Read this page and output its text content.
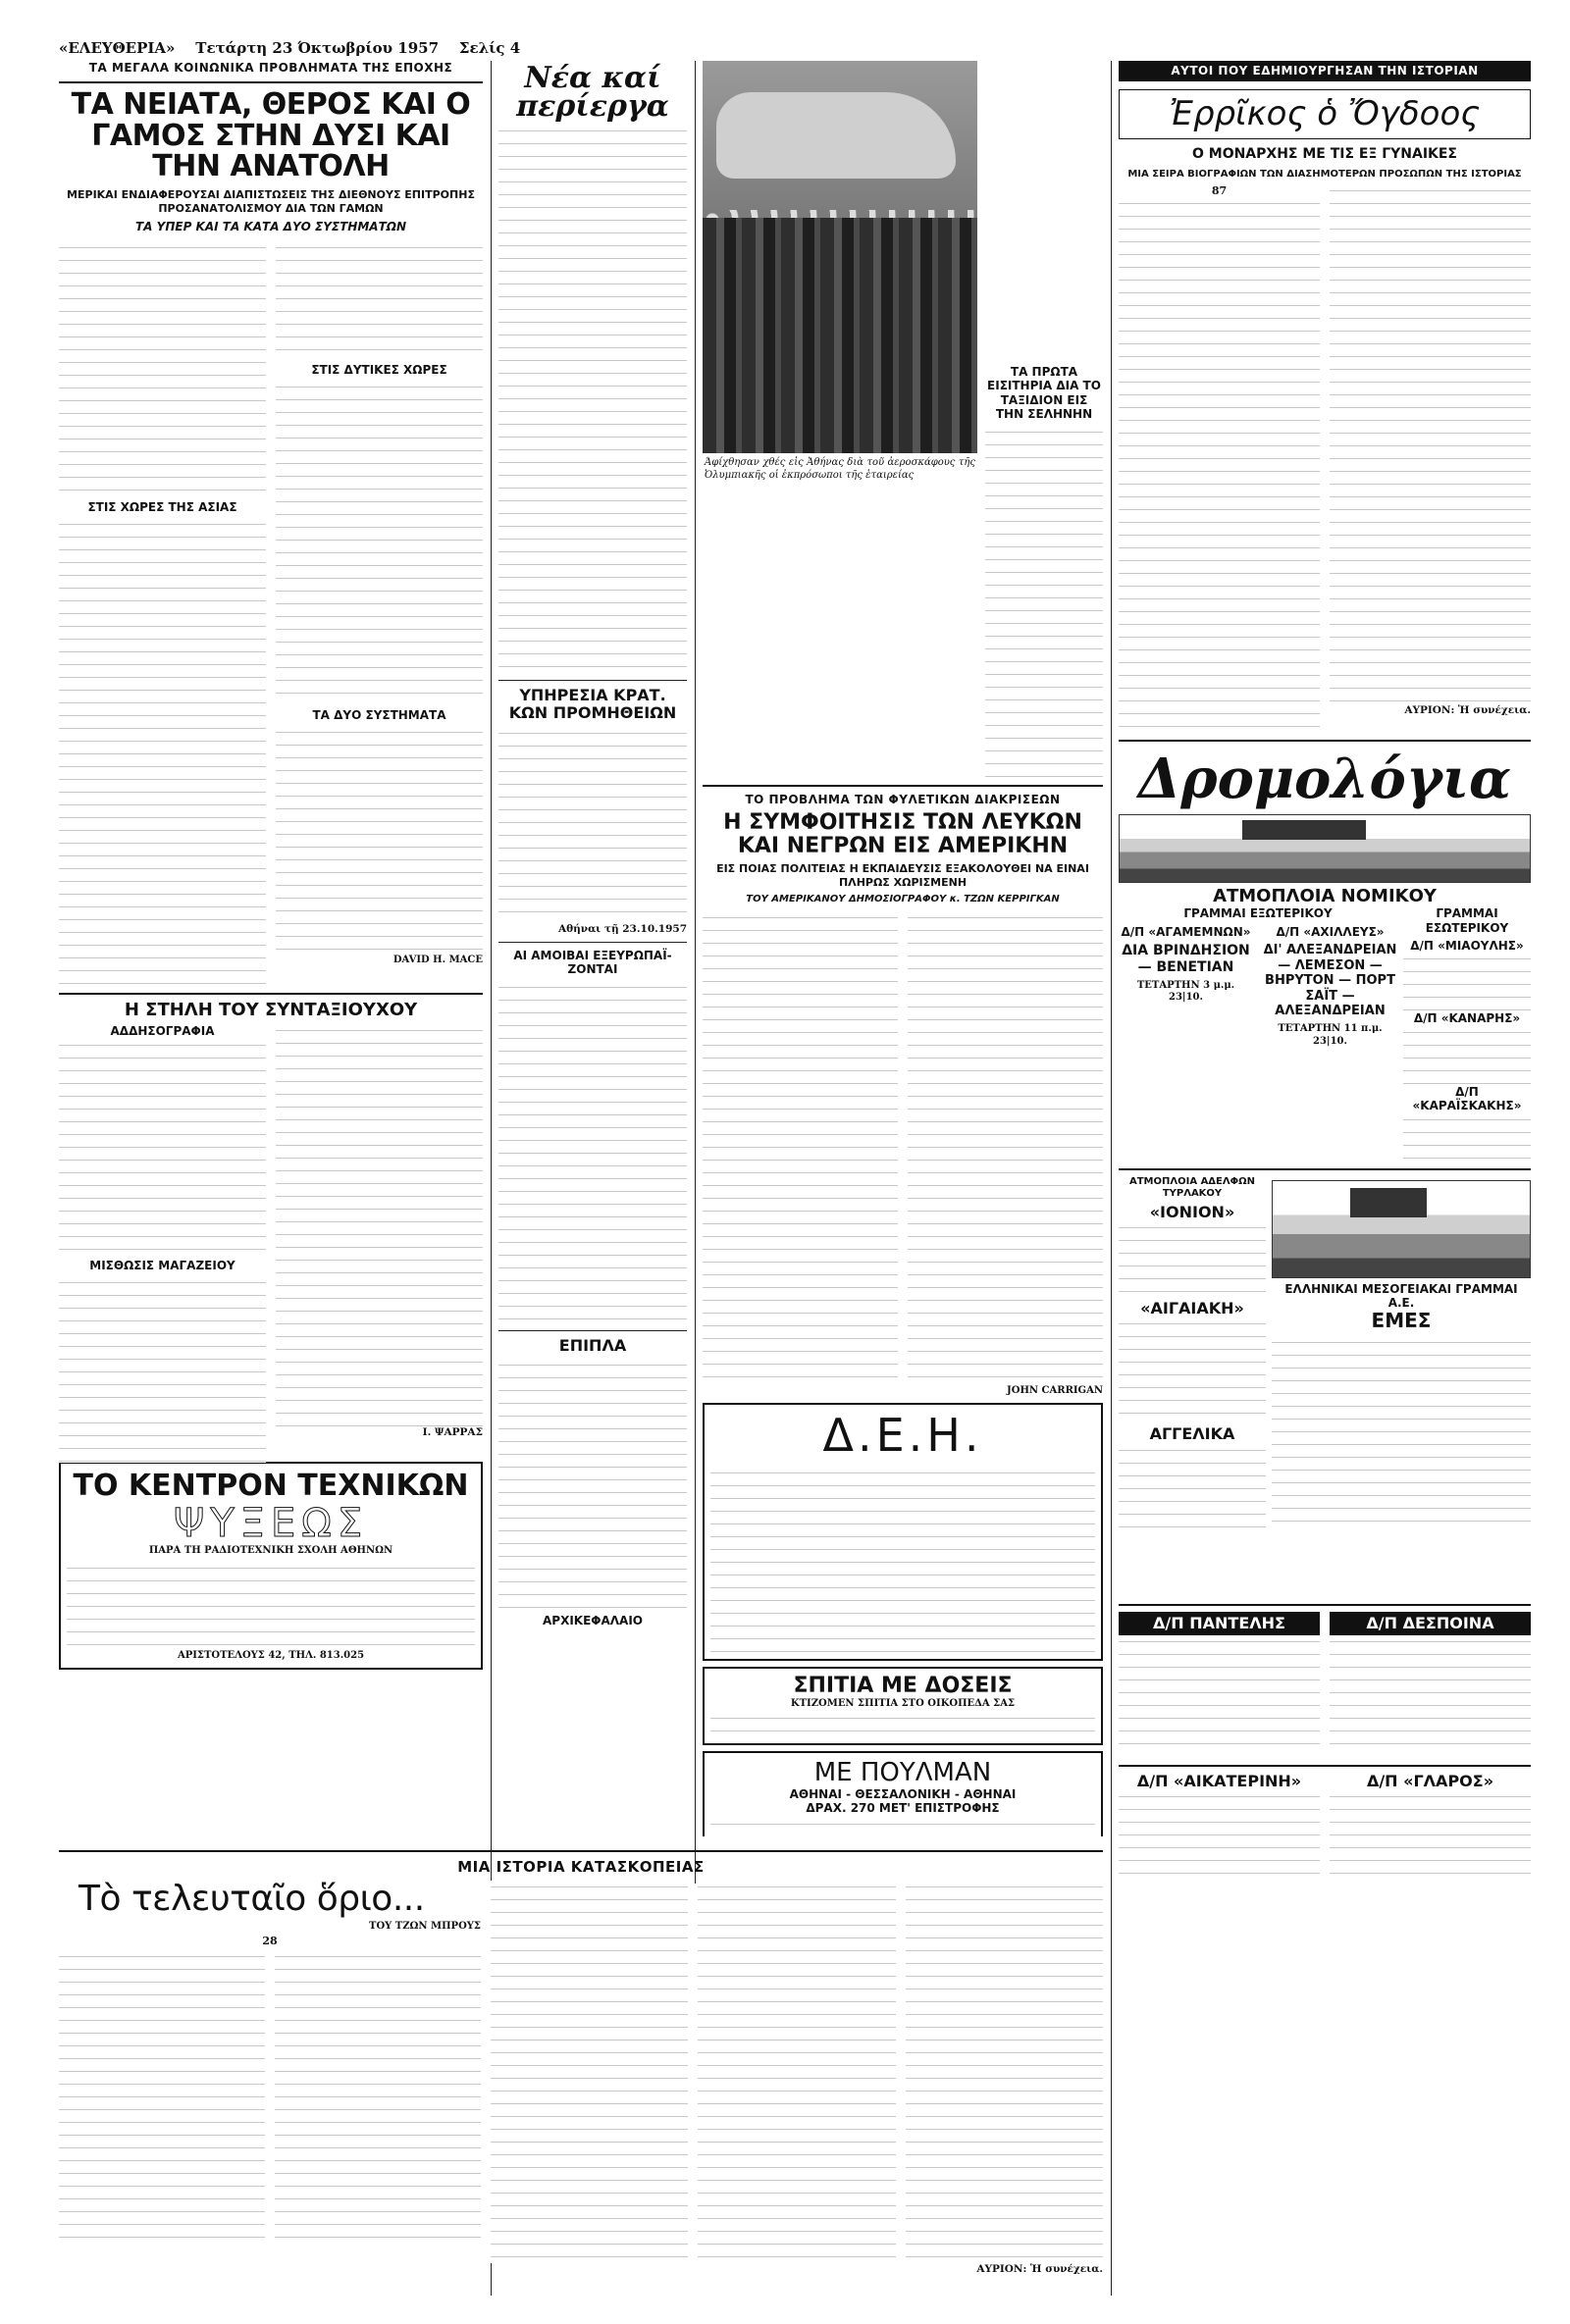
«ΕΛΕΥΘΕΡΙΑ» Τετάρτη 23 Όκτωβρίου 1957 Σελίς 4
ΤΑ ΜΕΓΑΛΑ ΚΟΙΝΩΝΙΚΑ ΠΡΟΒΛΗΜΑΤΑ ΤΗΣ ΕΠΟΧΗΣ
ΤΑ ΝΕΙΑΤΑ, ΘΕΡΟΣ ΚΑΙ Ο ΓΑΜΟΣ ΣΤΗΝ ΔΥΣΙ ΚΑΙ ΤΗΝ ΑΝΑΤΟΛΗ
ΜΕΡΙΚΑΙ ΕΝΔΙΑΦΕΡΟΥΣΑΙ ΔΙΑΠΙΣΤΩΣΕΙΣ ΤΗΣ ΔΙΕΘΝΟΥΣ ΕΠΙΤΡΟΠΗΣ ΠΡΟΣΑΝΑΤΟΛΙΣΜΟΥ ΔΙΑ ΤΩΝ ΓΑΜΩΝ
ΤΑ ΥΠΕΡ ΚΑΙ ΤΑ ΚΑΤΑ ΔΥΟ ΣΥΣΤΗΜΑΤΩΝ
ΣΤΙΣ ΧΩΡΕΣ ΤΗΣ ΑΣΙΑΣ
ΣΤΙΣ ΔΥΤΙΚΕΣ ΧΩΡΕΣ
ΤΑ ΔΥΟ ΣΥΣΤΗΜΑΤΑ
DAVID H. MACE
Η ΣΤΗΛΗ ΤΟΥ ΣΥΝΤΑΞΙΟΥΧΟΥ
ΑΔΔΗΣΟΓΡΑΦΙΑ
ΜΙΣΘΩΣΙΣ ΜΑΓΑΖΕΙΟΥ
Ι. ΨΑΡΡΑΣ
ΤΟ ΚΕΝΤΡΟΝ ΤΕΧΝΙΚΩΝ
ΨΥΞΕΩΣ
ΠΑΡΑ ΤΗ ΡΑΔΙΟΤΕΧΝΙΚΗ ΣΧΟΛΗ ΑΘΗΝΩΝ
ΑΡΙΣΤΟΤΕΛΟΥΣ 42, ΤΗΛ. 813.025
Νέα καί περίεργα
ΥΠΗΡΕΣΙΑ ΚΡΑΤ. ΚΩΝ ΠΡΟΜΗΘΕΙΩΝ
Αθήναι τῇ 23.10.1957
ΑΙ ΑΜΟΙΒΑΙ ΕΞΕΥΡΩΠΑΪ-ΖΟΝΤΑΙ
ΕΠΙΠΛΑ
ΑΡΧΙΚΕΦΑΛΑΙΟ
Άφίχθησαν χθές εἰς Ἀθήνας διὰ τοῦ ἀεροσκάφους τῆς Ὀλυμπιακῆς οἱ ἐκπρόσωποι τῆς ἑταιρείας
ΤΑ ΠΡΩΤΑ ΕΙΣΙΤΗΡΙΑ ΔΙΑ ΤΟ ΤΑΞΙΔΙΟΝ ΕΙΣ ΤΗΝ ΣΕΛΗΝΗΝ
ΤΟ ΠΡΟΒΛΗΜΑ ΤΩΝ ΦΥΛΕΤΙΚΩΝ ΔΙΑΚΡΙΣΕΩΝ
Η ΣΥΜΦΟΙΤΗΣΙΣ ΤΩΝ ΛΕΥΚΩΝ ΚΑΙ ΝΕΓΡΩΝ ΕΙΣ ΑΜΕΡΙΚΗΝ
ΕΙΣ ΠΟΙΑΣ ΠΟΛΙΤΕΙΑΣ Η ΕΚΠΑΙΔΕΥΣΙΣ ΕΞΑΚΟΛΟΥΘΕΙ ΝΑ ΕΙΝΑΙ ΠΛΗΡΩΣ ΧΩΡΙΣΜΕΝΗ
ΤΟΥ ΑΜΕΡΙΚΑΝΟΥ ΔΗΜΟΣΙΟΓΡΑΦΟΥ κ. ΤΖΩΝ ΚΕΡΡΙΓΚΑΝ
JOHN CARRIGAN
Δ.Ε.Η.
ΣΠΙΤΙΑ ΜΕ ΔΟΣΕΙΣ
ΚΤΙΖΟΜΕΝ ΣΠΙΤΙΑ ΣΤΟ ΟΙΚΟΠΕΔΑ ΣΑΣ
ΜΕ ΠΟΥΛΜΑΝ
ΑΘΗΝΑΙ - ΘΕΣΣΑΛΟΝΙΚΗ - ΑΘΗΝΑΙ
ΔΡΑΧ. 270 ΜΕΤ' ΕΠΙΣΤΡΟΦΗΣ
ΑΥΤΟΙ ΠΟΥ ΕΔΗΜΙΟΥΡΓΗΣΑΝ ΤΗΝ ΙΣΤΟΡΙΑΝ
Ἐρρῖκος ὁ Ὄγδοος
Ο ΜΟΝΑΡΧΗΣ ΜΕ ΤΙΣ ΕΞ ΓΥΝΑΙΚΕΣ
ΜΙΑ ΣΕΙΡΑ ΒΙΟΓΡΑΦΙΩΝ ΤΩΝ ΔΙΑΣΗΜΟΤΕΡΩΝ ΠΡΟΣΩΠΩΝ ΤΗΣ ΙΣΤΟΡΙΑΣ
87
ΑΥΡΙΟΝ: Ἡ συνέχεια.
Δρομολόγια
ΑΤΜΟΠΛΟΙΑ ΝΟΜΙΚΟΥ
ΓΡΑΜΜΑΙ ΕΞΩΤΕΡΙΚΟΥ
Δ/Π «ΑΓΑΜΕΜΝΩΝ»
ΔΙΑ ΒΡΙΝΔΗΣΙΟΝ — ΒΕΝΕΤΙΑΝ
ΤΕΤΑΡΤΗΝ 3 μ.μ. 23|10.
Δ/Π «ΑΧΙΛΛΕΥΣ»
ΔΙ' ΑΛΕΞΑΝΔΡΕΙΑΝ — ΛΕΜΕΣΟΝ — ΒΗΡΥΤΟΝ — ΠΟΡΤ ΣΑΪΤ — ΑΛΕΞΑΝΔΡΕΙΑΝ
ΤΕΤΑΡΤΗΝ 11 π.μ. 23|10.
ΓΡΑΜΜΑΙ ΕΣΩΤΕΡΙΚΟΥ
Δ/Π «ΜΙΑΟΥΛΗΣ»
Δ/Π «ΚΑΝΑΡΗΣ»
Δ/Π «ΚΑΡΑΪΣΚΑΚΗΣ»
ΑΤΜΟΠΛΟΙΑ ΑΔΕΛΦΩΝ ΤΥΡΛΑΚΟΥ
«ΙΟΝΙΟΝ»
«ΑΙΓΑΙΑΚΗ»
ΑΓΓΕΛΙΚΑ
ΕΛΛΗΝΙΚΑΙ ΜΕΣΟΓΕΙΑΚΑΙ ΓΡΑΜΜΑΙ Α.Ε.
ΕΜΕΣ
Δ/Π ΠΑΝΤΕΛΗΣ	Δ/Π ΔΕΣΠΟΙΝΑ
Δ/Π «ΑΙΚΑΤΕΡΙΝΗ»	Δ/Π «ΓΛΑΡΟΣ»
ΜΙΑ ΙΣΤΟΡΙΑ ΚΑΤΑΣΚΟΠΕΙΑΣ
Τὸ τελευταῖο ὅριο...
ΤΟΥ ΤΖΩΝ ΜΠΡΟΥΣ
28
ΑΥΡΙΟΝ: Ἡ συνέχεια.
